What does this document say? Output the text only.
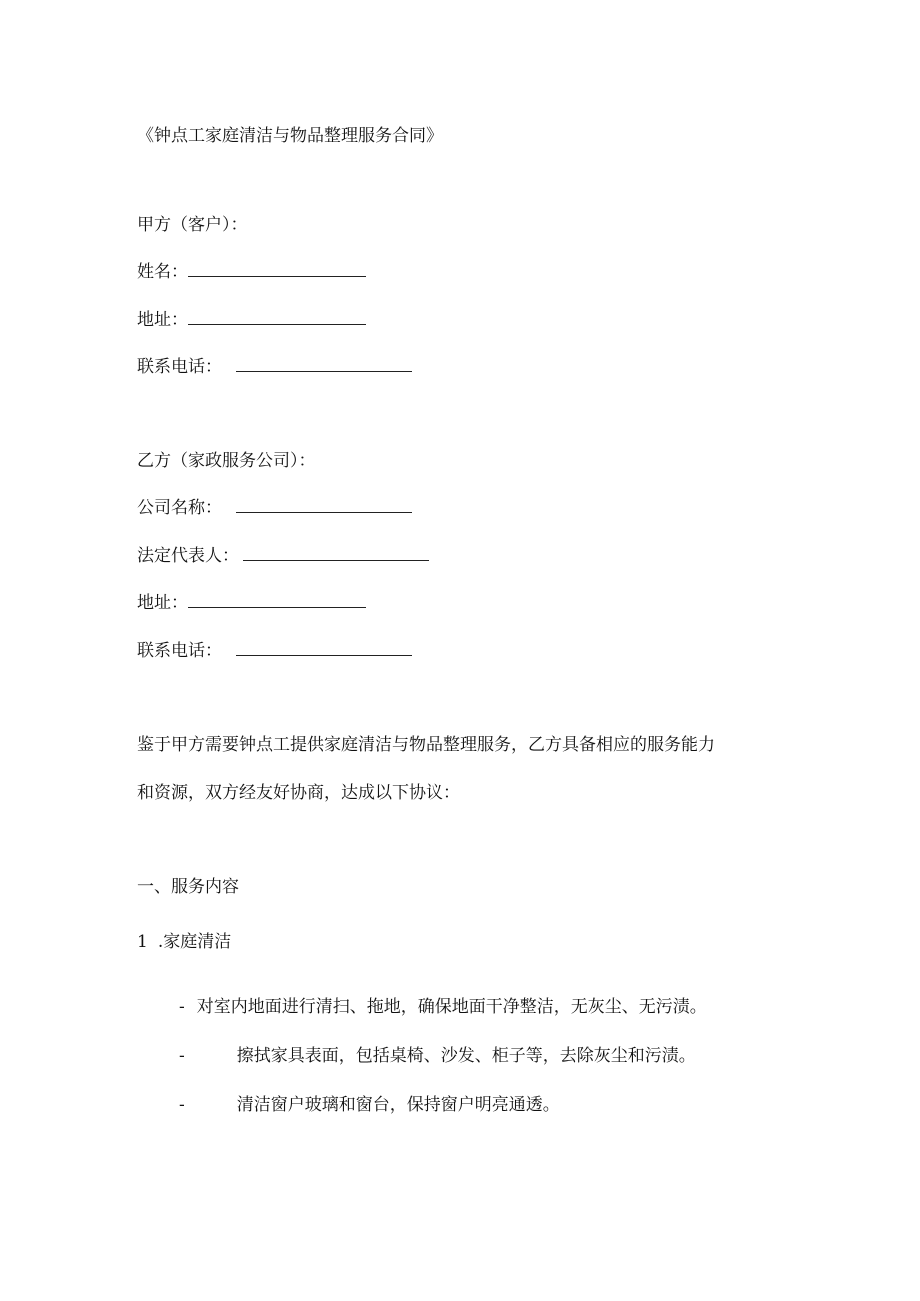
《钟点工家庭清洁与物品整理服务合同》
甲方（客户）：
姓名：
地址：
联系电话：
乙方（家政服务公司）：
公司名称：
法定代表人：
地址：
联系电话：
鉴于甲方需要钟点工提供家庭清洁与物品整理服务，乙方具备相应的服务能力
和资源，双方经友好协商，达成以下协议：
一、服务内容
1 .家庭清洁
- 对室内地面进行清扫、拖地，确保地面干净整洁，无灰尘、无污渍。
-	擦拭家具表面，包括桌椅、沙发、柜子等，去除灰尘和污渍。
-	清洁窗户玻璃和窗台，保持窗户明亮通透。
